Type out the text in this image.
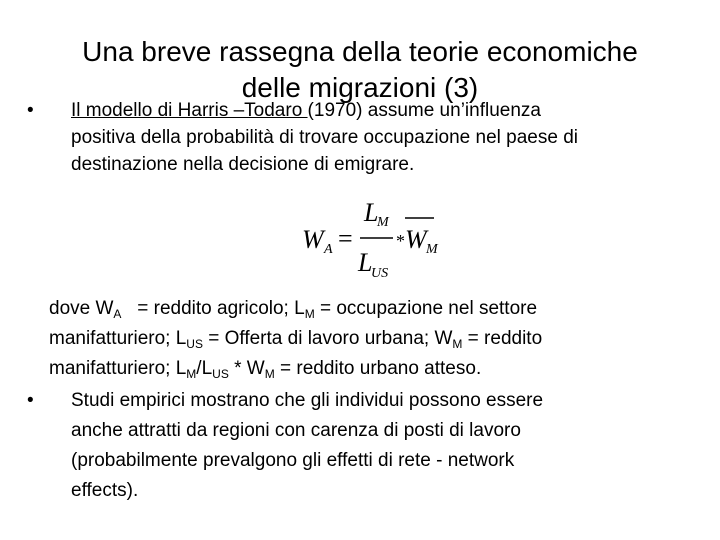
Una breve rassegna della teorie economiche
delle migrazioni (3)
•	Il modello di Harris –Todaro (1970) assume un’influenza
positiva della probabilità di trovare occupazione nel paese di
destinazione nella decisione di emigrare.
W A =
L
M
L
US
* W M
dove $W_A$   = reddito agricolo; $L_M$ = occupazione nel settore
manifatturiero; $L_{US}$ = Offerta di lavoro urbana; $W_M$ = reddito
manifatturiero; $L_M/L_{US} * W_M$ = reddito urbano atteso.
•	Studi empirici mostrano che gli individui possono essere
anche attratti da regioni con carenza di posti di lavoro
(probabilmente prevalgono gli effetti di rete - network
effects).
